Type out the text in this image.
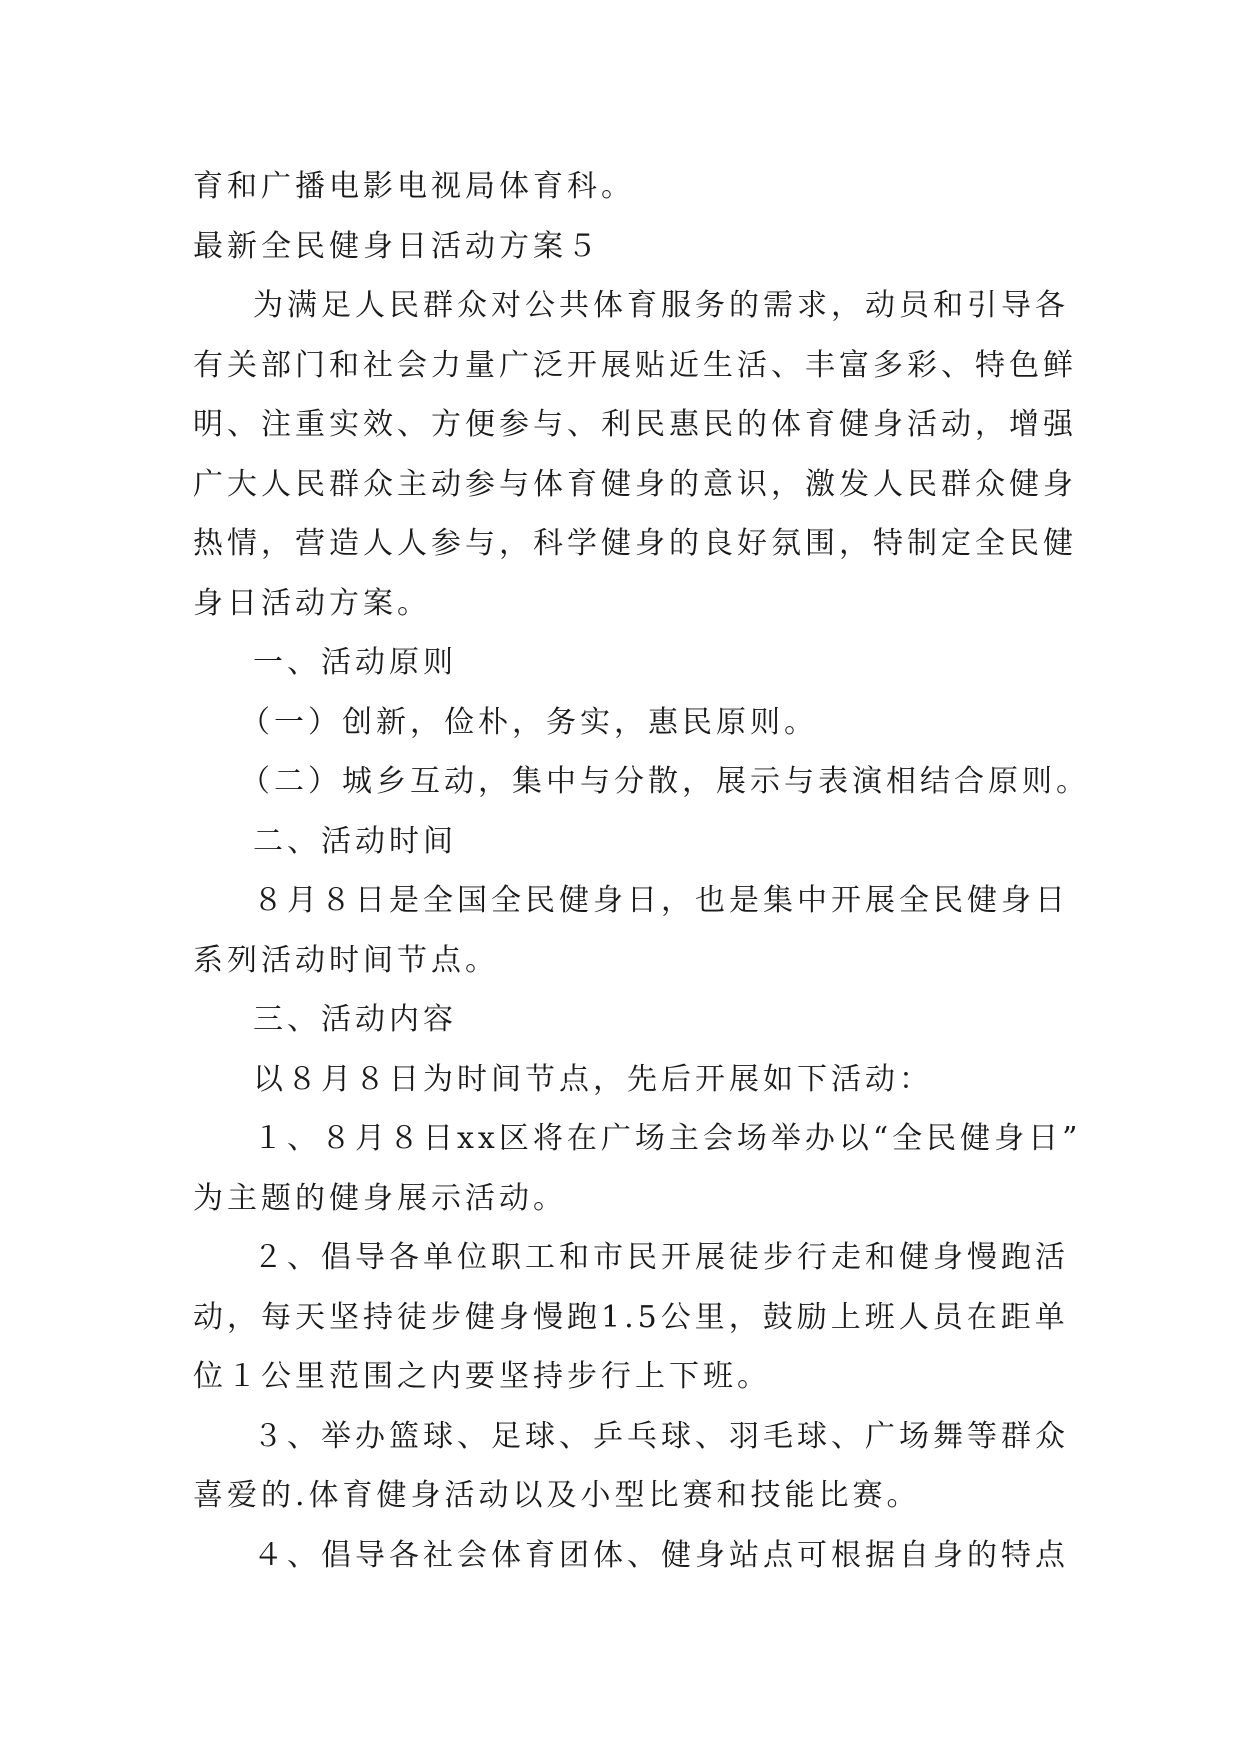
育和广播电影电视局体育科。
最新全民健身日活动方案５
为满足人民群众对公共体育服务的需求，动员和引导各
有关部门和社会力量广泛开展贴近生活、丰富多彩、特色鲜
明、注重实效、方便参与、利民惠民的体育健身活动，增强
广大人民群众主动参与体育健身的意识，激发人民群众健身
热情，营造人人参与，科学健身的良好氛围，特制定全民健
身日活动方案。
一、活动原则
（一）创新，俭朴，务实，惠民原则。
（二）城乡互动，集中与分散，展示与表演相结合原则。
二、活动时间
８月８日是全国全民健身日，也是集中开展全民健身日
系列活动时间节点。
三、活动内容
以８月８日为时间节点，先后开展如下活动：
１、８月８日xx区将在广场主会场举办以“全民健身日”
为主题的健身展示活动。
２、倡导各单位职工和市民开展徒步行走和健身慢跑活
动，每天坚持徒步健身慢跑1.5公里，鼓励上班人员在距单
位１公里范围之内要坚持步行上下班。
３、举办篮球、足球、乒乓球、羽毛球、广场舞等群众
喜爱的.体育健身活动以及小型比赛和技能比赛。
４、倡导各社会体育团体、健身站点可根据自身的特点
